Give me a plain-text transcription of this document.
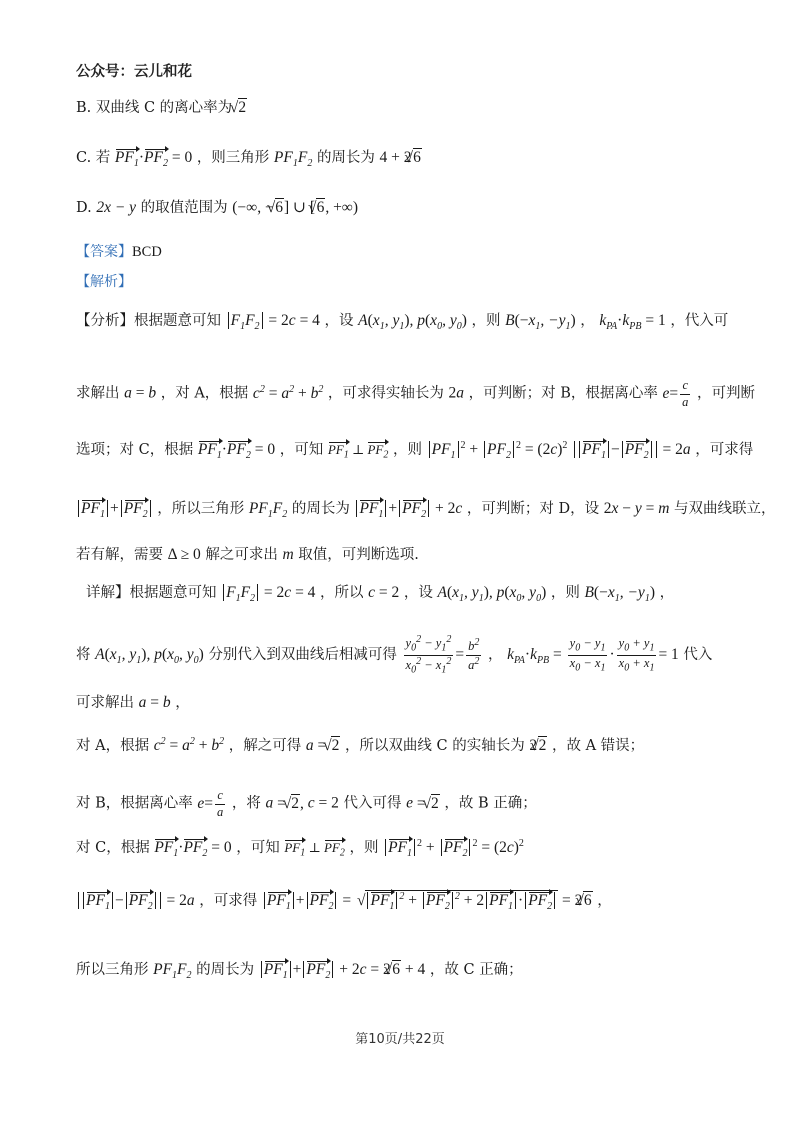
公众号：云儿和花
B. 双曲线 C 的离心率为 √ 2
C. 若 $PF_1\cdot PF_2 = 0$ ，则三角形 $PF_1F_2$ 的周长为 4 + 2√ 6
D. 2x − y 的取值范围为 (−∞, −√ 6] ∪ [√ 6, +∞)
【答案】BCD
【解析】
【分析】根据题意可知 $F_1F_2 = 2c = 4$ ，设 $A(x_1$, $y_1$), $p(x_0$, $y_0$) ，则 $B(-x_1$, $-y_1$) ， $k_{PA}\cdot k_{PB} = 1$ ，代入可
求解出 a = b ，对 A，根据 $c^2 = a^2 + b^2$ ，可求得实轴长为 2a ，可判断；对 B，根据离心率 $e= \frac{c}{a}$ ，可判断
选项；对 C，根据 $PF_1\cdot PF_2 = 0$ ，可知 $PF_1$ ⊥ $PF_2$ ，则 $PF_1^2 + PF_2^2 = (2c)^2$ $PF_1 - PF_2 = 2a$ ，可求得
$PF_1 + PF_2$ ，所以三角形 $PF_1F_2$ 的周长为 $PF_1 + PF_2 + 2c$ ，可判断；对 D，设 2x − y = m 与双曲线联立，
若有解，需要 Δ ≥ 0 解之可求出 m 取值，可判断选项.
详解】根据题意可知 $F_1F_2 = 2c = 4$ ，所以 c = 2 ，设 $A(x_1$, $y_1$), $p(x_0$, $y_0$) ，则 $B(-x_1$, $-y_1$) ，
将 $A(x_1$, $y_1$), $p(x_0$, $y_0$) 分别代入到双曲线后相减可得 $\frac{y_0^2 - y_1^2}{x_0^2 - x_1^2} = \frac{b^2}{a^2}$ ， $k_{PA}\cdot k_{PB} = \frac{y_0 - y_1}{x_0 - x_1} \cdot \frac{y_0 + y_1}{x_0 + x_1} = 1$ 代入
可求解出 a = b ，
对 A，根据 $c^2 = a^2 + b^2$ ，解之可得 a = √ 2 ，所以双曲线 C 的实轴长为 2√ 2 ，故 A 错误；
对 B，根据离心率 $e= \frac{c}{a}$ ，将 a = √ 2, c = 2 代入可得 e = √ 2 ，故 B 正确；
对 C，根据 $PF_1\cdot PF_2 = 0$ ，可知 $PF_1$ ⊥ $PF_2$ ，则 $PF_1^2 + PF_2^2 = (2c)^2$
$PF_1 - PF_2 = 2a$ ，可求得 $PF_1 + PF_2$ = √ $PF_1^2 + PF_2^2 + 2$ $PF_1 \cdot PF_2 = 2√$ 6 ，
所以三角形 $PF_1F_2$ 的周长为 $PF_1 + PF_2 + 2c = 2√$ 6 + 4 ，故 C 正确；
第10页/共22页
